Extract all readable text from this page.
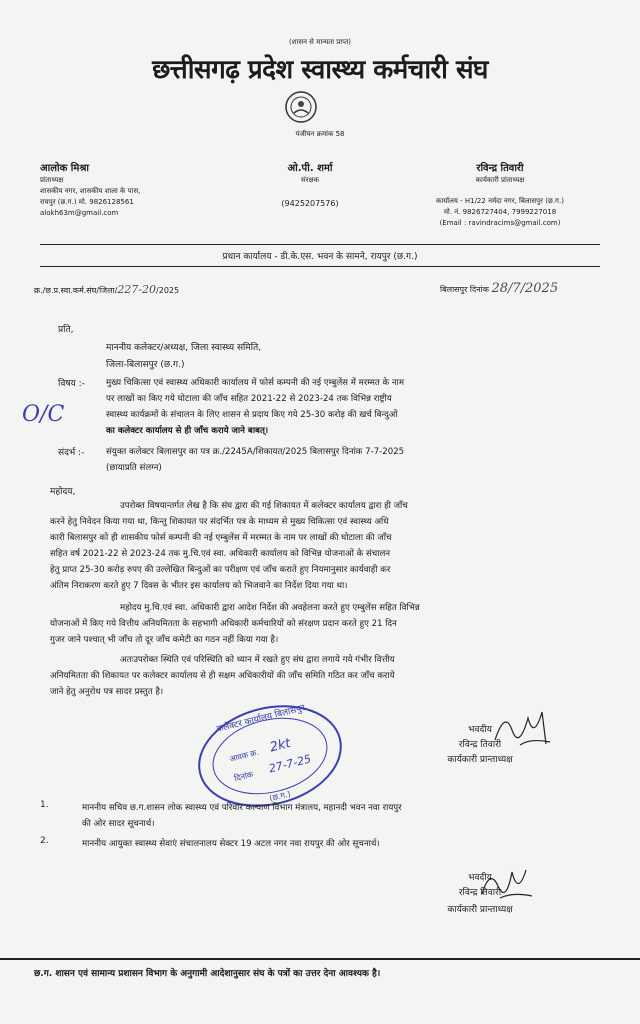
(शासन से मान्यता प्राप्त)
छत्तीसगढ़ प्रदेश स्वास्थ्य कर्मचारी संघ
पंजीयन क्रमांक 58
आलोक मिश्रा
प्रांताध्यक्ष
शासकीय नगर, शासकीय शाला के पास,
रायपुर (छ.ग.) मो. 9826128561
alokh63m@gmail.com
ओ.पी. शर्मा
संरक्षक
(9425207576)
रविन्द्र तिवारी
कार्यकारी प्रांताध्यक्ष
कार्यालय - H1/22 नर्मदा नगर, बिलासपुर (छ.ग.)
मो. नं. 9826727404, 7999227018
(Email : ravindracims@gmail.com)
प्रधान कार्यालय - डी.के.एस. भवन के सामने, रायपुर (छ.ग.)
क्र./छ.प्र.स्वा.कर्म.संघ/जिला/227-20/2025	बिलासपुर दिनांक 28/7/2025
प्रति,
माननीय कलेक्टर/अध्यक्ष, जिला स्वास्थ्य समिति,
जिला-बिलासपुर (छ.ग.)
O/C
विषय :- मुख्य चिकित्सा एवं स्वास्थ्य अधिकारी कार्यालय में फोर्स कम्पनी की नई एम्बुलेंस में मरम्मत के नाम
पर लाखों का किए गये घोटाला की जाँच सहित 2021-22 से 2023-24 तक विभिन्न राष्ट्रीय
स्वास्थ्य कार्यक्रमों के संचालन के लिए शासन से प्रदाय किए गये 25-30 करोड़ की खर्च बिन्दुओं
का कलेक्टर कार्यालय से ही जाँच कराये जाने बाबत्।
संदर्भ :-	संयुक्त कलेक्टर बिलासपुर का पत्र क्र./2245A/शिकायत/2025 बिलासपुर दिनांक 7-7-2025
(छायाप्रति संलग्न)
महोदय,
उपरोक्त विषयान्तर्गत लेख है कि संघ द्वारा की गई शिकायत में कलेक्टर कार्यालय द्वारा ही जाँच
करने हेतु निवेदन किया गया था, किन्तु शिकायत पर संदर्भित पत्र के माध्यम से मुख्य चिकित्सा एवं स्वास्थ्य अधि
कारी बिलासपुर को ही शासकीय फोर्स कम्पनी की नई एम्बुलेंस में मरम्मत के नाम पर लाखों की घोटाला की जाँच
सहित वर्ष 2021-22 से 2023-24 तक मु.चि.एवं स्वा. अधिकारी कार्यालय को विभिन्न योजनाओं के संचालन
हेतु प्राप्त 25-30 करोड़ रुपए की उल्लेखित बिन्दुओं का परीक्षण एवं जाँच कराते हुए नियमानुसार कार्यवाही कर
अंतिम निराकरण करते हुए 7 दिवस के भीतर इस कार्यालय को भिजवाने का निर्देश दिया गया था।
महोदय मु.चि.एवं स्वा. अधिकारी द्वारा आदेश निर्देश की अवहेलना करते हुए एम्बुलेंस सहित विभिन्न
योजनाओं में किए गये वित्तीय अनियमितता के सहभागी अधिकारी कर्मचारियों को संरक्षण प्रदान करते हुए 21 दिन
गुजर जाने पश्चात् भी जाँच तो दूर जाँच कमेटी का गठन नहीं किया गया है।
अतःउपरोक्त स्थिति एवं परिस्थिति को ध्यान में रखते हुए संघ द्वारा लगाये गये गंभीर वित्तीय
अनियमितता की शिकायत पर कलेक्टर कार्यालय से ही सक्षम अधिकारीयों की जाँच समिति गठित कर जाँच कराये
जाने हेतु अनुरोध पत्र सादर प्रस्तुत है।
कलेक्टर कार्यालय बिलासपुर
आवक क्र.
2kt
दिनांक
27-7-25
(छ.ग.)
भवदीय
रविन्द्र तिवारी
कार्यकारी प्रान्ताध्यक्ष
1.	माननीय सचिव छ.ग.शासन लोक स्वास्थ्य एवं परिवार कल्याण विभाग मंत्रालय, महानदी भवन नवा रायपुर
की ओर सादर सूचनार्थ।
2.	माननीय आयुक्त स्वास्थ्य सेवाएं संचालनालय सेक्टर 19 अटल नगर नवा रायपुर की ओर सूचनार्थ।
भवदीय
रविन्द्र तिवारी
कार्यकारी प्रान्ताध्यक्ष
छ.ग. शासन एवं सामान्य प्रशासन विभाग के अनुगामी आदेशानुसार संघ के पत्रों का उत्तर देना आवश्यक है।
